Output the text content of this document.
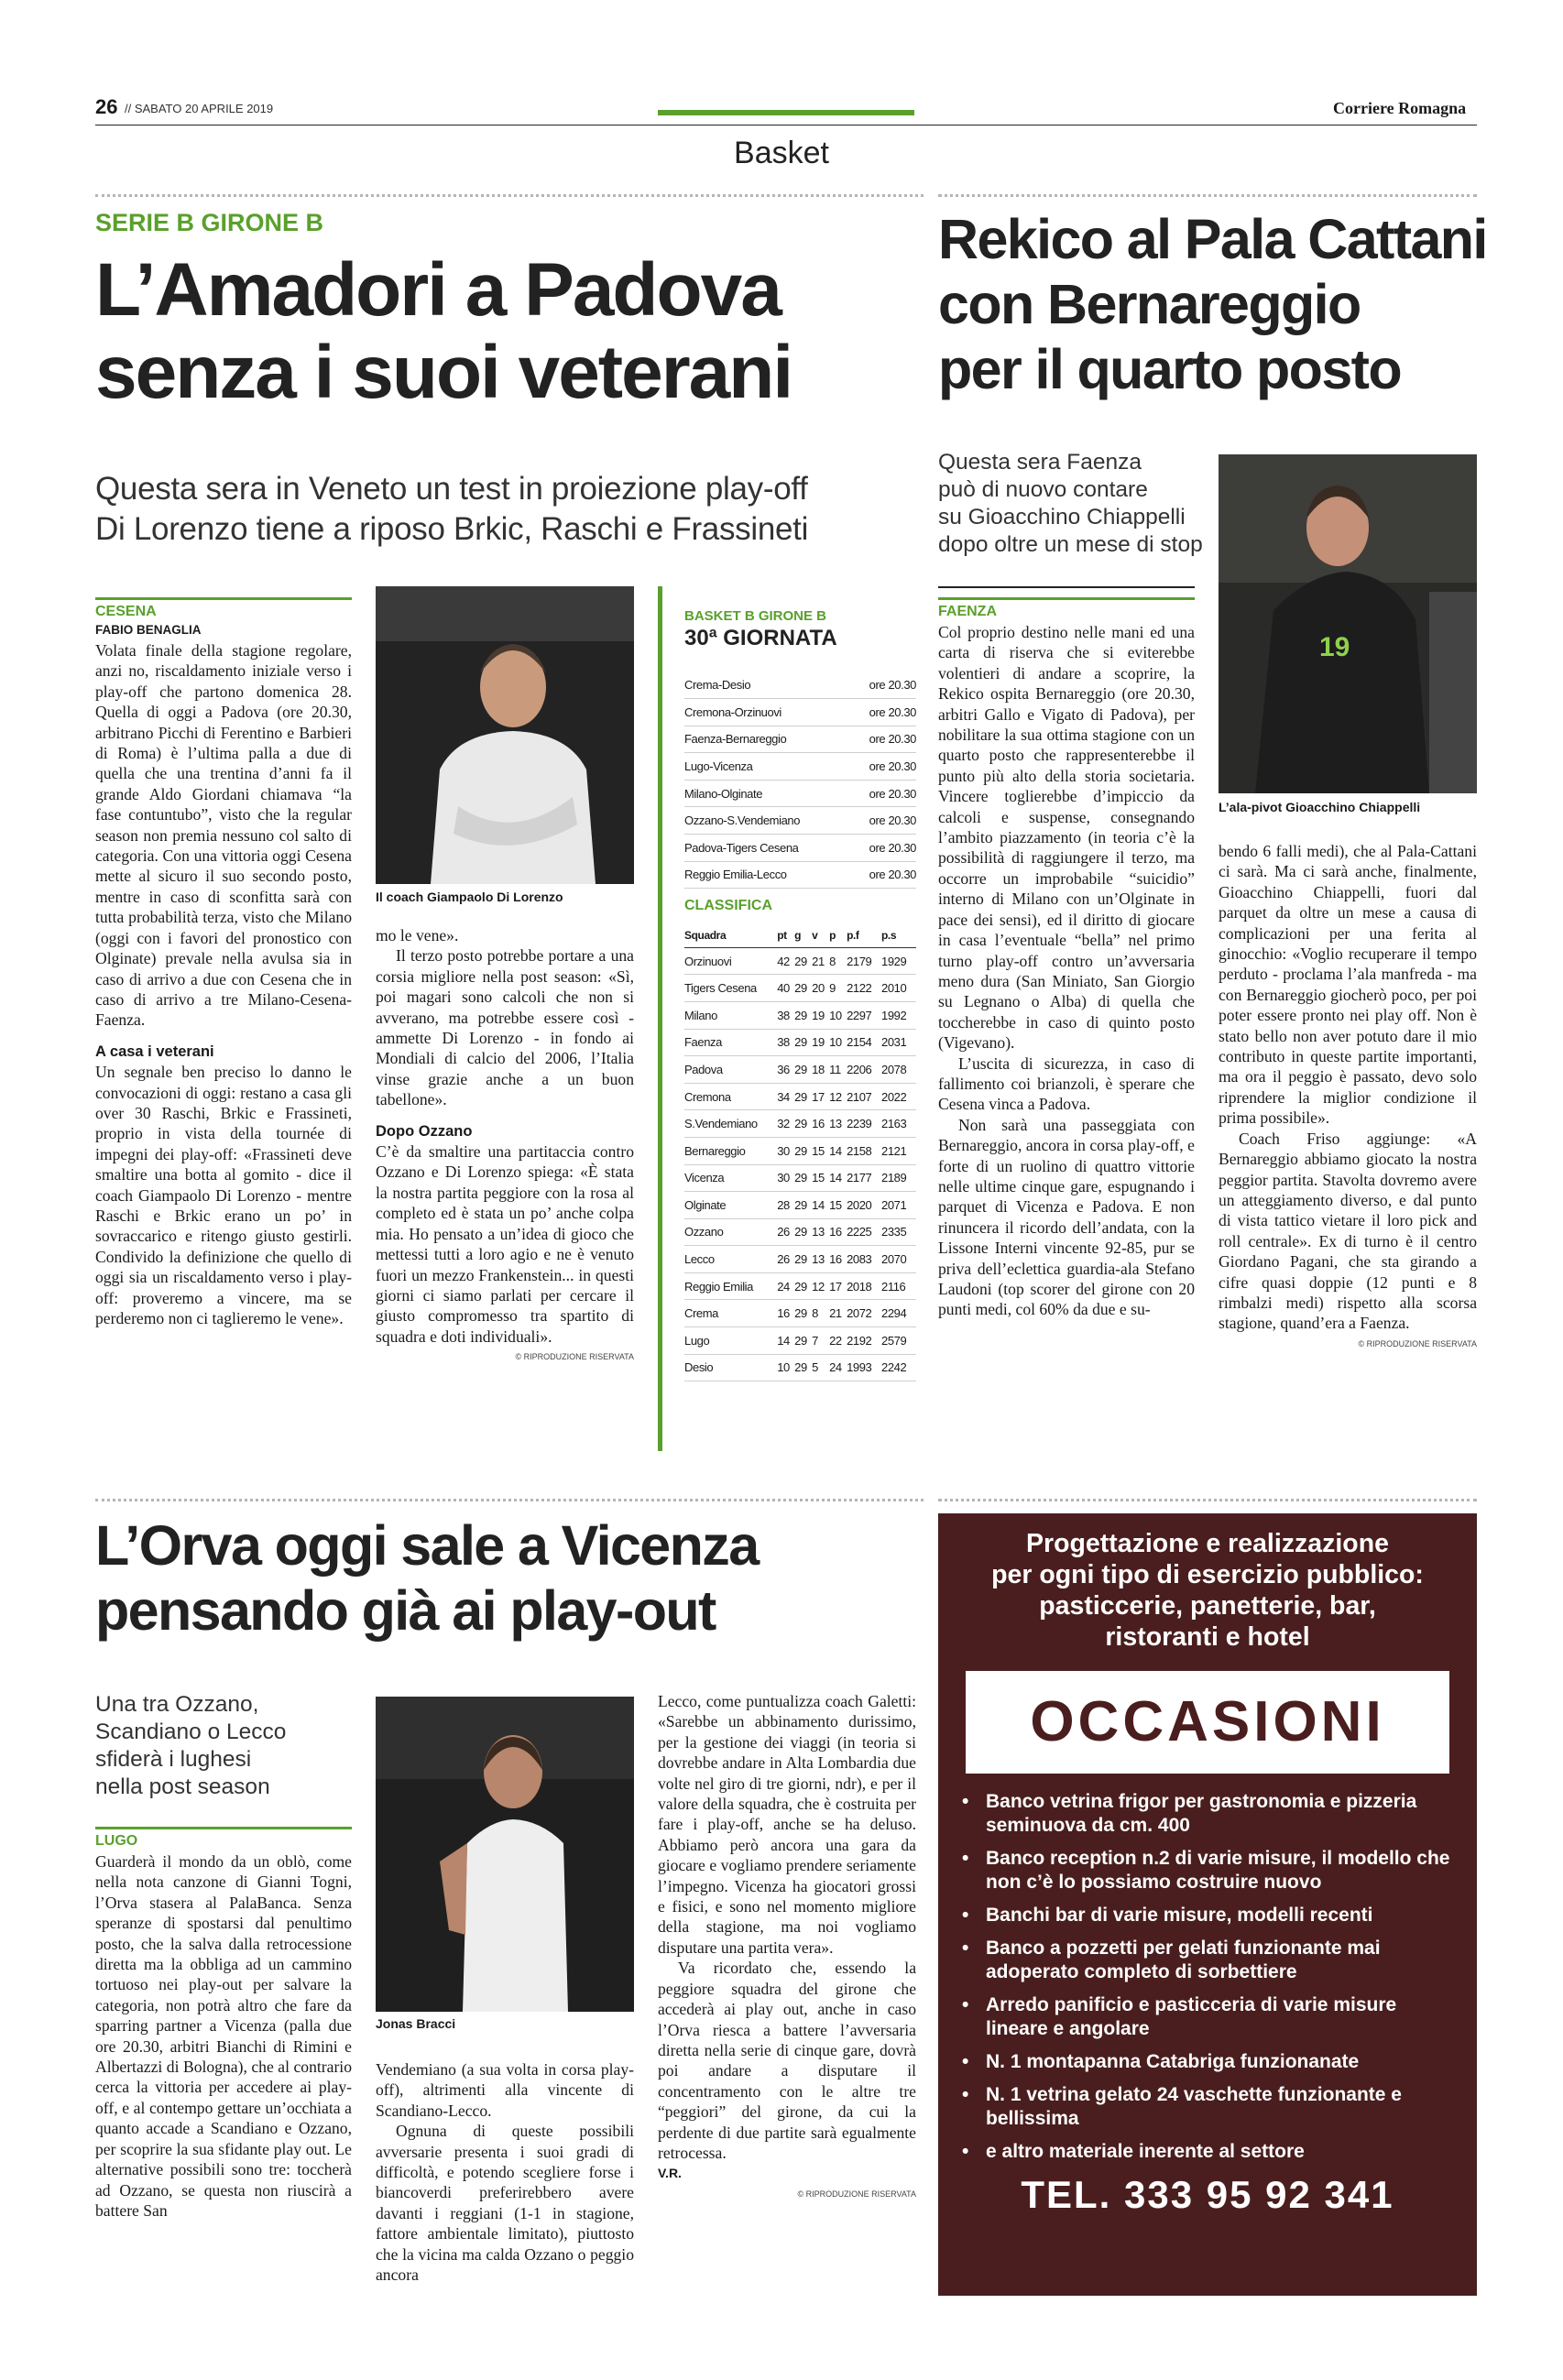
26 // SABATO 20 APRILE 2019	Corriere Romagna
Basket
SERIE B GIRONE B
L’Amadori a Padova
senza i suoi veterani
Questa sera in Veneto un test in proiezione play-off
Di Lorenzo tiene a riposo Brkic, Raschi e Frassineti
CESENA
FABIO BENAGLIA

Volata finale della stagione regolare, anzi no, riscaldamento iniziale verso i play-off che partono domenica 28. Quella di oggi a Padova (ore 20.30, arbitrano Picchi di Ferentino e Barbieri di Roma) è l’ultima palla a due di quella che una trentina d’anni fa il grande Aldo Giordani chiamava “la fase contuntubo”, visto che la regular season non premia nessuno col salto di categoria. Con una vittoria oggi Cesena mette al sicuro il suo secondo posto, mentre in caso di sconfitta sarà con tutta probabilità terza, visto che Milano (oggi con i favori del pronostico con Olginate) prevale nella avulsa sia in caso di arrivo a due con Cesena che in caso di arrivo a tre Milano-Cesena-Faenza.

A casa i veterani

Un segnale ben preciso lo danno le convocazioni di oggi: restano a casa gli over 30 Raschi, Brkic e Frassineti, proprio in vista della tournée di impegni dei play-off: «Frassineti deve smaltire una botta al gomito - dice il coach Giampaolo Di Lorenzo - mentre Raschi e Brkic erano un po’ in sovraccarico e ritengo giusto gestirli. Condivido la definizione che quello di oggi sia un riscaldamento verso i play-off: proveremo a vincere, ma se perderemo non ci taglieremo le vene».

Il coach Giampaolo Di Lorenzo

mo le vene».

Il terzo posto potrebbe portare a una corsia migliore nella post season: «Sì, poi magari sono calcoli che non si avverano, ma potrebbe essere così - ammette Di Lorenzo - in fondo ai Mondiali di calcio del 2006, l’Italia vinse grazie anche a un buon tabellone».

Dopo Ozzano

C’è da smaltire una partitaccia contro Ozzano e Di Lorenzo spiega: «È stata la nostra partita peggiore con la rosa al completo ed è stata un po’ anche colpa mia. Ho pensato a un’idea di gioco che mettessi tutti a loro agio e ne è venuto fuori un mezzo Frankenstein... in questi giorni ci siamo parlati per cercare il giusto compromesso tra spartito di squadra e doti individuali».

© RIPRODUZIONE RISERVATA
BASKET B GIRONE B
30ª GIORNATA
Crema-Desio	ore 20.30
Cremona-Orzinuovi	ore 20.30
Faenza-Bernareggio	ore 20.30
Lugo-Vicenza	ore 20.30
Milano-Olginate	ore 20.30
Ozzano-S.Vendemiano	ore 20.30
Padova-Tigers Cesena	ore 20.30
Reggio Emilia-Lecco	ore 20.30
CLASSIFICA
Squadra	pt	g	v	p	p.f	p.s
Orzinuovi	42	29	21	8	2179	1929
Tigers Cesena	40	29	20	9	2122	2010
Milano	38	29	19	10	2297	1992
Faenza	38	29	19	10	2154	2031
Padova	36	29	18	11	2206	2078
Cremona	34	29	17	12	2107	2022
S.Vendemiano	32	29	16	13	2239	2163
Bernareggio	30	29	15	14	2158	2121
Vicenza	30	29	15	14	2177	2189
Olginate	28	29	14	15	2020	2071
Ozzano	26	29	13	16	2225	2335
Lecco	26	29	13	16	2083	2070
Reggio Emilia	24	29	12	17	2018	2116
Crema	16	29	8	21	2072	2294
Lugo	14	29	7	22	2192	2579
Desio	10	29	5	24	1993	2242
Rekico al Pala Cattani
con Bernareggio
per il quarto posto
Questa sera Faenza
può di nuovo contare
su Gioacchino Chiappelli
dopo oltre un mese di stop
19
L’ala-pivot Gioacchino Chiappelli
FAENZA

Col proprio destino nelle mani ed una carta di riserva che si eviterebbe volentieri di andare a scoprire, la Rekico ospita Bernareggio (ore 20.30, arbitri Gallo e Vigato di Padova), per nobilitare la sua ottima stagione con un quarto posto che rappresenterebbe il punto più alto della storia societaria. Vincere toglierebbe d’impiccio da calcoli e suspense, consegnando l’ambito piazzamento (in teoria c’è la possibilità di raggiungere il terzo, ma occorre un improbabile “suicidio” interno di Milano con un’Olginate in pace dei sensi), ed il diritto di giocare in casa l’eventuale “bella” nel primo turno play-off contro un’avversaria meno dura (San Miniato, San Giorgio su Legnano o Alba) di quella che toccherebbe in caso di quinto posto (Vigevano).

L’uscita di sicurezza, in caso di fallimento coi brianzoli, è sperare che Cesena vinca a Padova.

Non sarà una passeggiata con Bernareggio, ancora in corsa play-off, e forte di un ruolino di quattro vittorie nelle ultime cinque gare, espugnando i parquet di Vicenza e Padova. E non rinuncera il ricordo dell’andata, con la Lissone Interni vincente 92-85, pur se priva dell’eclettica guardia-ala Stefano Laudoni (top scorer del girone con 20 punti medi, col 60% da due e su-

bendo 6 falli medi), che al Pala-Cattani ci sarà. Ma ci sarà anche, finalmente, Gioacchino Chiappelli, fuori dal parquet da oltre un mese a causa di complicazioni per una ferita al ginocchio: «Voglio recuperare il tempo perduto - proclama l’ala manfreda - ma con Bernareggio giocherò poco, per poi poter essere pronto nei play off. Non è stato bello non aver potuto dare il mio contributo in queste partite importanti, ma ora il peggio è passato, devo solo riprendere la miglior condizione il prima possibile».

Coach Friso aggiunge: «A Bernareggio abbiamo giocato la nostra peggior partita. Stavolta dovremo avere un atteggiamento diverso, e dal punto di vista tattico vietare il loro pick and roll centrale». Ex di turno è il centro Giordano Pagani, che sta girando a cifre quasi doppie (12 punti e 8 rimbalzi medi) rispetto alla scorsa stagione, quand’era a Faenza.

© RIPRODUZIONE RISERVATA
L’Orva oggi sale a Vicenza
pensando già ai play-out
Una tra Ozzano,
Scandiano o Lecco
sfiderà i lughesi
nella post season
LUGO

Guarderà il mondo da un oblò, come nella nota canzone di Gianni Togni, l’Orva stasera al PalaBanca. Senza speranze di spostarsi dal penultimo posto, che la salva dalla retrocessione diretta ma la obbliga ad un cammino tortuoso nei play-out per salvare la categoria, non potrà altro che fare da sparring partner a Vicenza (palla due ore 20.30, arbitri Bianchi di Rimini e Albertazzi di Bologna), che al contrario cerca la vittoria per accedere ai play-off, e al contempo gettare un’occhiata a quanto accade a Scandiano e Ozzano, per scoprire la sua sfidante play out. Le alternative possibili sono tre: toccherà ad Ozzano, se questa non riuscirà a battere San

Jonas Bracci

Vendemiano (a sua volta in corsa play-off), altrimenti alla vincente di Scandiano-Lecco.

Ognuna di queste possibili avversarie presenta i suoi gradi di difficoltà, e potendo scegliere forse i biancoverdi preferirebbero avere davanti i reggiani (1-1 in stagione, fattore ambientale limitato), piuttosto che la vicina ma calda Ozzano o peggio ancora

Lecco, come puntualizza coach Galetti: «Sarebbe un abbinamento durissimo, per la gestione dei viaggi (in teoria si dovrebbe andare in Alta Lombardia due volte nel giro di tre giorni, ndr), e per il valore della squadra, che è costruita per fare i play-off, anche se ha deluso. Abbiamo però ancora una gara da giocare e vogliamo prendere seriamente l’impegno. Vicenza ha giocatori grossi e fisici, e sono nel momento migliore della stagione, ma noi vogliamo disputare una partita vera».

Va ricordato che, essendo la peggiore squadra del girone che accederà ai play out, anche in caso l’Orva riesca a battere l’avversaria diretta nella serie di cinque gare, dovrà poi andare a disputare il concentramento con le altre tre “peggiori” del girone, da cui la perdente di due partite sarà egualmente retrocessa.

V.R.

© RIPRODUZIONE RISERVATA
Progettazione e realizzazione
per ogni tipo di esercizio pubblico:
pasticcerie, panetterie, bar,
ristoranti e hotel
OCCASIONI
• Banco vetrina frigor per gastronomia e pizzeria seminuova da cm. 400
• Banco reception n.2 di varie misure, il modello che non c’è lo possiamo costruire nuovo
• Banchi bar di varie misure, modelli recenti
• Banco a pozzetti per gelati funzionante mai adoperato completo di sorbettiere
• Arredo panificio e pasticceria di varie misure lineare e angolare
• N. 1 montapanna Catabriga funzionanate
• N. 1 vetrina gelato 24 vaschette funzionante e bellissima
• e altro materiale inerente al settore
TEL. 333 95 92 341
